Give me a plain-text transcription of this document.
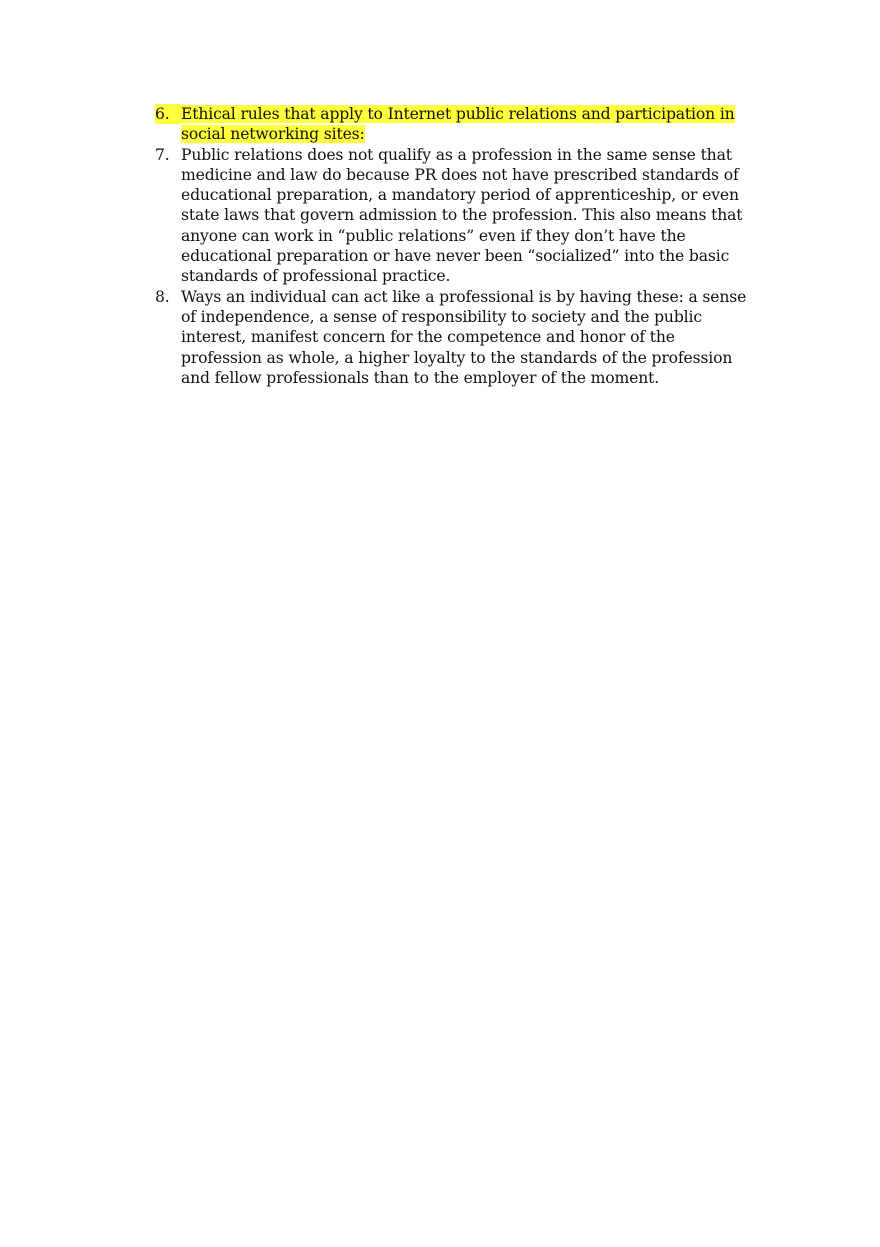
6. Ethical rules that apply to Internet public relations and participation in social networking sites:
7. Public relations does not qualify as a profession in the same sense that medicine and law do because PR does not have prescribed standards of educational preparation, a mandatory period of apprenticeship, or even state laws that govern admission to the profession. This also means that anyone can work in “public relations” even if they don’t have the educational preparation or have never been “socialized” into the basic standards of professional practice.
8. Ways an individual can act like a professional is by having these: a sense of independence, a sense of responsibility to society and the public interest, manifest concern for the competence and honor of the profession as whole, a higher loyalty to the standards of the profession and fellow professionals than to the employer of the moment.
